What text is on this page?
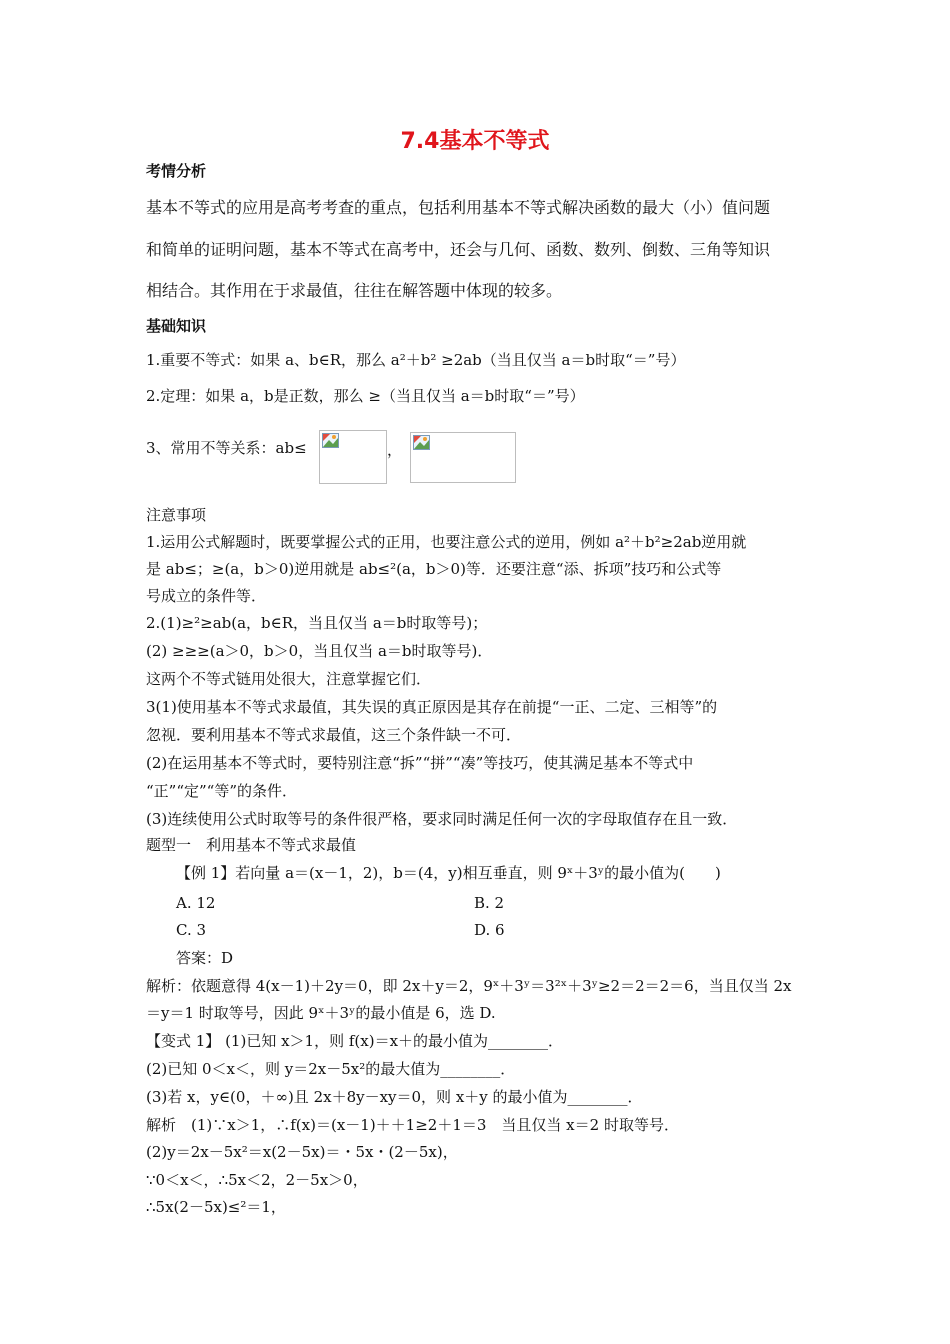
7.4基本不等式
考情分析
基本不等式的应用是高考考查的重点，包括利用基本不等式解决函数的最大（小）值问题
和简单的证明问题，基本不等式在高考中，还会与几何、函数、数列、倒数、三角等知识
相结合。其作用在于求最值，往往在解答题中体现的较多。
基础知识
1.重要不等式：如果 a、b∈R，那么 a²＋b² ≥2ab（当且仅当 a＝b时取“＝”号）
2.定理：如果 a，b是正数，那么 ≥（当且仅当 a＝b时取“＝”号）
3、常用不等关系：ab≤	，
注意事项
1.运用公式解题时，既要掌握公式的正用，也要注意公式的逆用，例如 a²＋b²≥2ab逆用就
是 ab≤；≥(a，b＞0)逆用就是 ab≤²(a，b＞0)等．还要注意“添、拆项”技巧和公式等
号成立的条件等．
2.(1)≥²≥ab(a，b∈R，当且仅当 a＝b时取等号)；
(2) ≥≥≥(a＞0，b＞0，当且仅当 a＝b时取等号)．
这两个不等式链用处很大，注意掌握它们．
3(1)使用基本不等式求最值，其失误的真正原因是其存在前提“一正、二定、三相等”的
忽视．要利用基本不等式求最值，这三个条件缺一不可．
(2)在运用基本不等式时，要特别注意“拆”“拼”“凑”等技巧，使其满足基本不等式中
“正”“定”“等”的条件．
(3)连续使用公式时取等号的条件很严格，要求同时满足任何一次的字母取值存在且一致．
题型一　利用基本不等式求最值
【例 1】若向量 a＝(x－1，2)，b＝(4，y)相互垂直，则 9ˣ＋3ʸ的最小值为(　　)
A. 12	B. 2
C. 3	D. 6
答案：D
解析：依题意得 4(x－1)＋2y＝0，即 2x＋y＝2，9ˣ＋3ʸ＝3²ˣ＋3ʸ≥2＝2＝2＝6，当且仅当 2x
＝y＝1 时取等号，因此 9ˣ＋3ʸ的最小值是 6，选 D.
【变式 1】 (1)已知 x＞1，则 f(x)＝x＋的最小值为________．
(2)已知 0＜x＜，则 y＝2x－5x²的最大值为________．
(3)若 x，y∈(0，＋∞)且 2x＋8y－xy＝0，则 x＋y 的最小值为________．
解析　(1)∵x＞1，∴f(x)＝(x－1)＋＋1≥2＋1＝3　当且仅当 x＝2 时取等号．
(2)y＝2x－5x²＝x(2－5x)＝・5x・(2－5x)，
∵0＜x＜，∴5x＜2，2－5x＞0，
∴5x(2－5x)≤²＝1，
